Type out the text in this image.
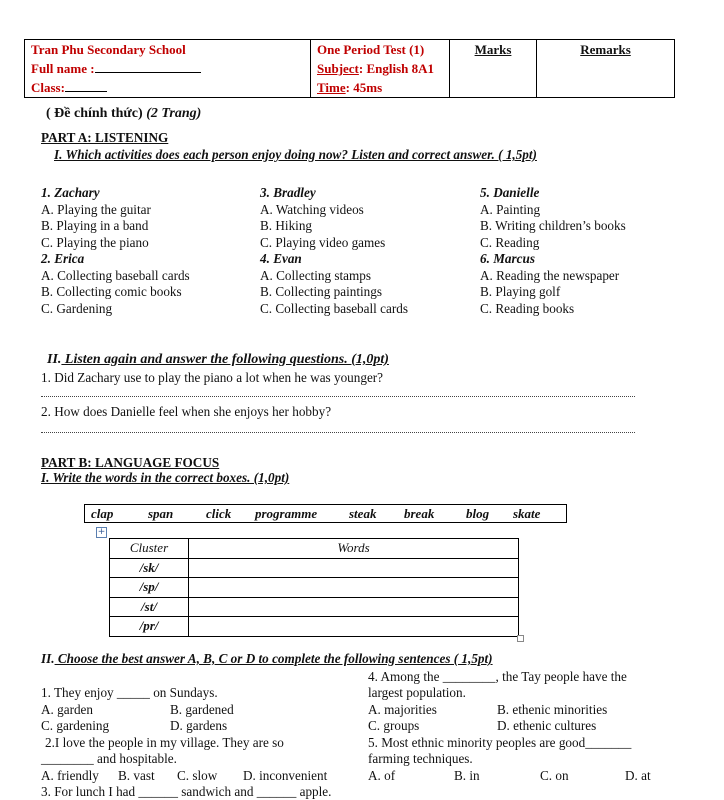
Tran Phu Secondary School
Full name :
Class:

One Period Test (1)
Subject: English 8A1
Time: 45ms

Marks	Remarks
( Đề chính thức) (2 Trang)
PART A: LISTENING
I. Which activities does each person enjoy doing now? Listen and correct answer. ( 1,5pt)
1. Zachary
A. Playing the guitar
B. Playing in a band
C. Playing the piano
2. Erica
A. Collecting baseball cards
B. Collecting comic books
C. Gardening
3. Bradley
A. Watching videos
B. Hiking
C. Playing video games
4. Evan
A. Collecting stamps
B. Collecting paintings
C. Collecting baseball cards
5. Danielle
A. Painting
B. Writing children’s books
C. Reading
6. Marcus
A. Reading the newspaper
B. Playing golf
C. Reading books
II. Listen again and answer the following questions. (1,0pt)
1. Did Zachary use to play the piano a lot when he was younger?
2. How does Danielle feel when she enjoys her hobby?
PART B: LANGUAGE FOCUS
I. Write the words in the correct boxes. (1,0pt)
clap	span	click programme steak break blog skate
+
Cluster	Words
/sk/	
/sp/	
/st/	
/pr/	
II. Choose the best answer A, B, C or D to complete the following sentences ( 1,5pt)
1. They enjoy _____ on Sundays.
A. garden	B. gardened
C. gardening	D. gardens
2.I love the people in my village. They are so
________ and hospitable.
A. friendly B. vast C. slow D. inconvenient
3. For lunch I had ______ sandwich and ______ apple.
4. Among the ________, the Tay people have the
largest population.
A. majorities	B. ethenic minorities
C. groups	D. ethenic cultures
5. Most ethnic minority peoples are good_______
farming techniques.
A. of	B. in	C. on	D. at
